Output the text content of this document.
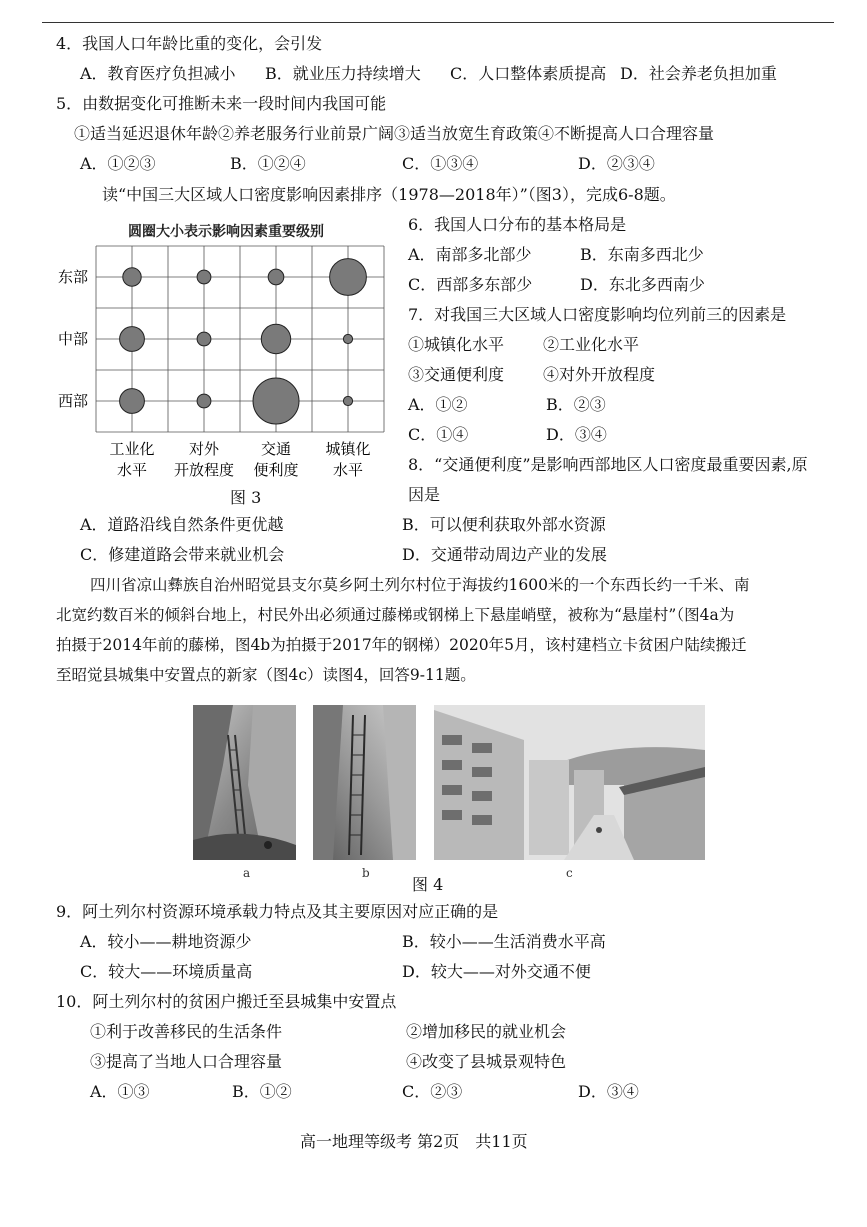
4．我国人口年龄比重的变化，会引发
A．教育医疗负担减小 B．就业压力持续增大 C．人口整体素质提高 D．社会养老负担加重
5．由数据变化可推断未来一段时间内我国可能
①适当延迟退休年龄②养老服务行业前景广阔③适当放宽生育政策④不断提高人口合理容量
A．①②③	B．①②④	C．①③④	D．②③④
读“中国三大区域人口密度影响因素排序（1978—2018年）”（图3），完成6-8题。
圆圈大小表示影响因素重要级别
东部
中部
西部
工业化
水平
对外
开放程度
交通
便利度
城镇化
水平
图 3
6．我国人口分布的基本格局是
A．南部多北部少	B．东南多西北少
C．西部多东部少	D．东北多西南少
7．对我国三大区域人口密度影响均位列前三的因素是
①城镇化水平 ②工业化水平
③交通便利度 ④对外开放程度
A．①②	B．②③
C．①④	D．③④
8．“交通便利度”是影响西部地区人口密度最重要因素,原
因是
A．道路沿线自然条件更优越	B．可以便利获取外部水资源
C．修建道路会带来就业机会	D．交通带动周边产业的发展
四川省凉山彝族自治州昭觉县支尔莫乡阿土列尔村位于海拔约1600米的一个东西长约一千米、南
北宽约数百米的倾斜台地上，村民外出必须通过藤梯或钢梯上下悬崖峭壁，被称为“悬崖村”（图4a为
拍摄于2014年前的藤梯，图4b为拍摄于2017年的钢梯）2020年5月，该村建档立卡贫困户陆续搬迁
至昭觉县城集中安置点的新家（图4c）读图4，回答9-11题。
a	b	c
图 4
9．阿土列尔村资源环境承载力特点及其主要原因对应正确的是
A．较小——耕地资源少	B．较小——生活消费水平高
C．较大——环境质量高	D．较大——对外交通不便
10．阿土列尔村的贫困户搬迁至县城集中安置点
①利于改善移民的生活条件	②增加移民的就业机会
③提高了当地人口合理容量	④改变了县城景观特色
A．①③	B．①②	C．②③	D．③④
高一地理等级考 第2页　共11页
